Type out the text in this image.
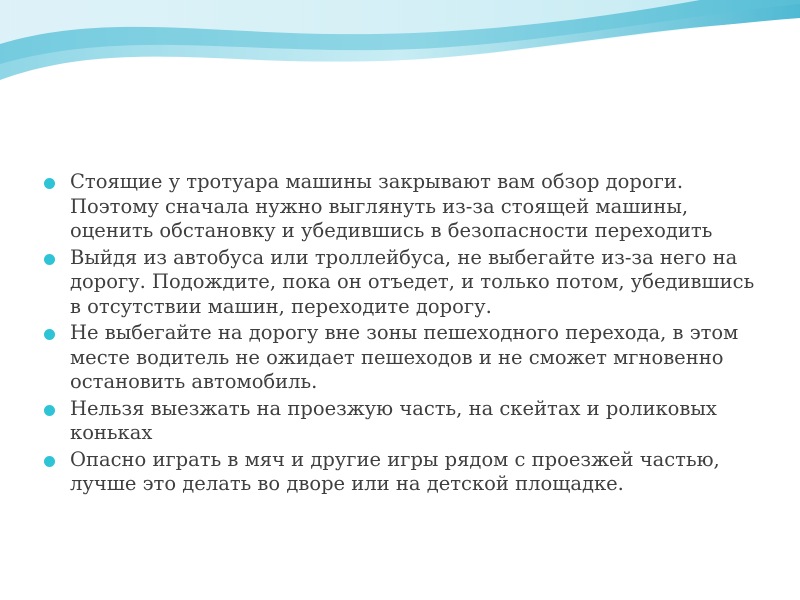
Стоящие у тротуара машины закрывают вам обзор дороги. Поэтому сначала нужно выглянуть из-за стоящей машины, оценить обстановку и убедившись в безопасности переходить
Выйдя из автобуса или троллейбуса, не выбегайте из-за него на дорогу. Подождите, пока он отъедет, и только потом, убедившись в отсутствии машин, переходите дорогу.
Не выбегайте на дорогу вне зоны пешеходного перехода, в этом месте водитель не ожидает пешеходов и не сможет мгновенно остановить автомобиль.
Нельзя выезжать на проезжую часть, на скейтах и роликовых коньках
Опасно играть в мяч и другие игры рядом с проезжей частью, лучше это делать во дворе или на детской площадке.
